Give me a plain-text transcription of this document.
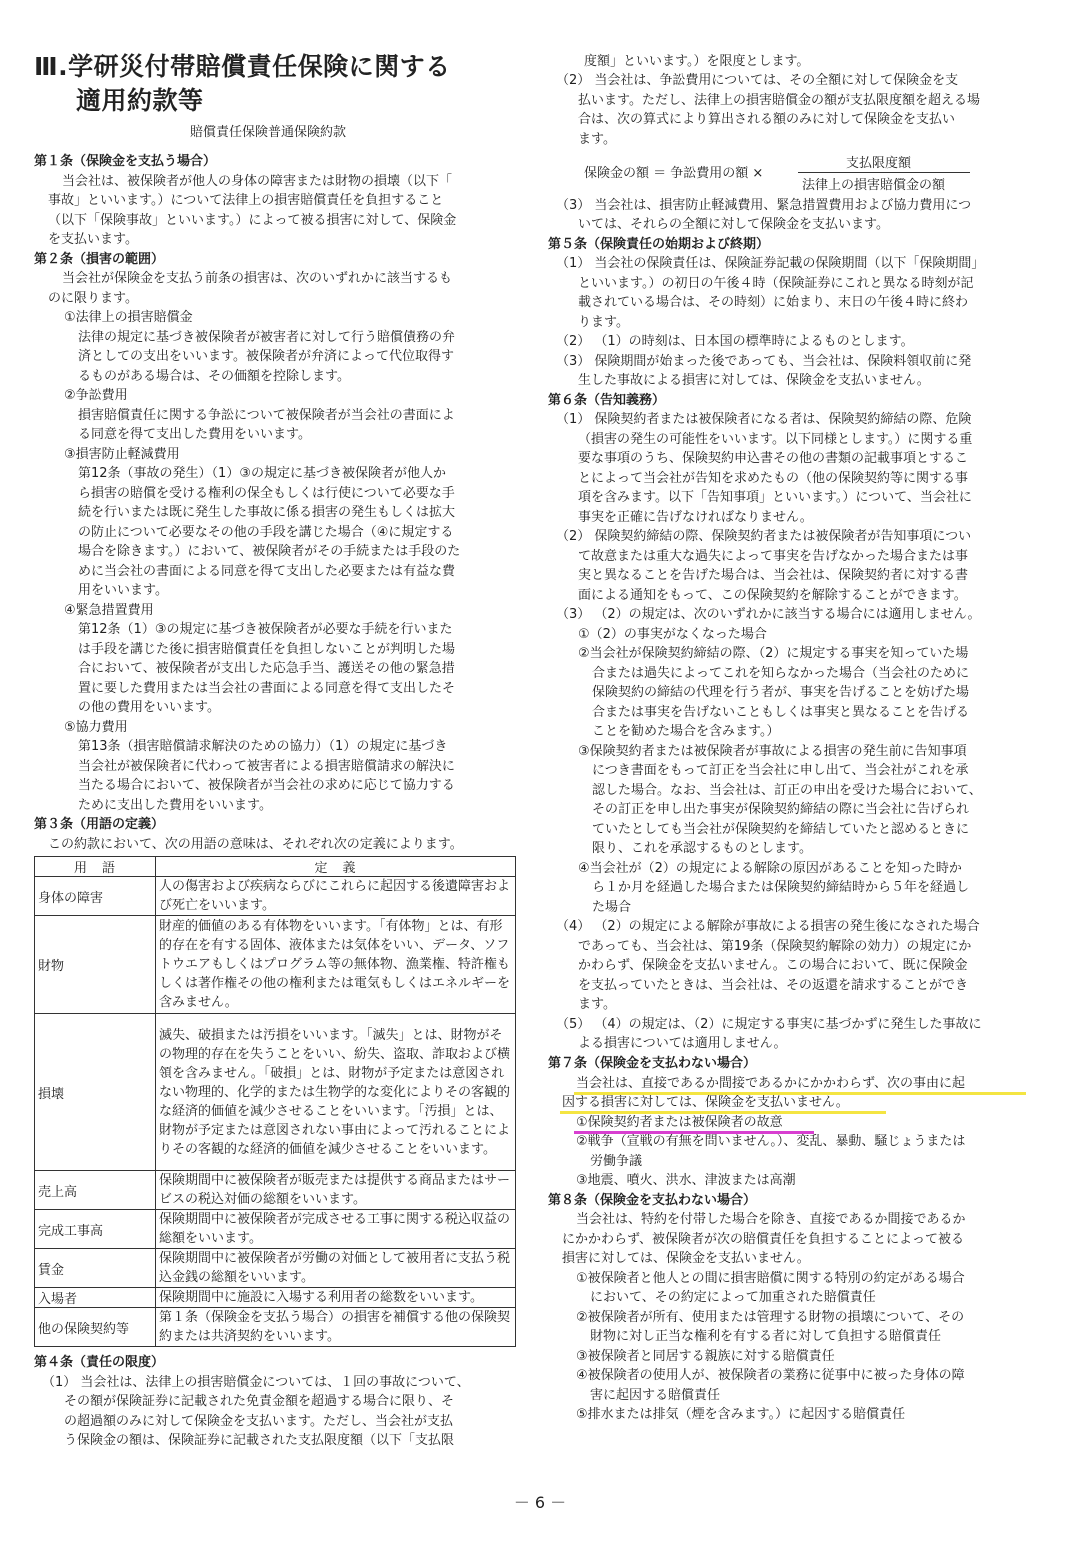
Ⅲ.学研災付帯賠償責任保険に関する
適用約款等
賠償責任保険普通保険約款
第１条（保険金を支払う場合）
当会社は、被保険者が他人の身体の障害または財物の損壊（以下「
事故」といいます。）について法律上の損害賠償責任を負担すること
（以下「保険事故」といいます。）によって被る損害に対して、保険金
を支払います。
第２条（損害の範囲）
当会社が保険金を支払う前条の損害は、次のいずれかに該当するも
のに限ります。
①法律上の損害賠償金
法律の規定に基づき被保険者が被害者に対して行う賠償債務の弁
済としての支出をいいます。被保険者が弁済によって代位取得す
るものがある場合は、その価額を控除します。
②争訟費用
損害賠償責任に関する争訟について被保険者が当会社の書面によ
る同意を得て支出した費用をいいます。
③損害防止軽減費用
第12条（事故の発生）（1）③の規定に基づき被保険者が他人か
ら損害の賠償を受ける権利の保全もしくは行使について必要な手
続を行いまたは既に発生した事故に係る損害の発生もしくは拡大
の防止について必要なその他の手段を講じた場合（④に規定する
場合を除きます。）において、被保険者がその手続または手段のた
めに当会社の書面による同意を得て支出した必要または有益な費
用をいいます。
④緊急措置費用
第12条（1）③の規定に基づき被保険者が必要な手続を行いまた
は手段を講じた後に損害賠償責任を負担しないことが判明した場
合において、被保険者が支出した応急手当、護送その他の緊急措
置に要した費用または当会社の書面による同意を得て支出したそ
の他の費用をいいます。
⑤協力費用
第13条（損害賠償請求解決のための協力）（1）の規定に基づき
当会社が被保険者に代わって被害者による損害賠償請求の解決に
当たる場合において、被保険者が当会社の求めに応じて協力する
ために支出した費用をいいます。
第３条（用語の定義）
この約款において、次の用語の意味は、それぞれ次の定義によります。
第４条（責任の限度）
（1） 当会社は、法律上の損害賠償金については、１回の事故について、
その額が保険証券に記載された免責金額を超過する場合に限り、そ
の超過額のみに対して保険金を支払います。ただし、当会社が支払
う保険金の額は、保険証券に記載された支払限度額（以下「支払限
用　語	定　義
身体の障害	人の傷害および疾病ならびにこれらに起因する後遺障害および死亡をいいます。
財物	財産的価値のある有体物をいいます。「有体物」とは、有形的存在を有する固体、液体または気体をいい、データ、ソフトウエアもしくはプログラム等の無体物、漁業権、特許権もしくは著作権その他の権利または電気もしくはエネルギーを含みません。
損壊	滅失、破損または汚損をいいます。「滅失」とは、財物がその物理的存在を失うことをいい、紛失、盗取、詐取および横領を含みません。「破損」とは、財物が予定または意図されない物理的、化学的または生物学的な変化によりその客観的な経済的価値を減少させることをいいます。「汚損」とは、財物が予定または意図されない事由によって汚れることによりその客観的な経済的価値を減少させることをいいます。
売上高	保険期間中に被保険者が販売または提供する商品またはサービスの税込対価の総額をいいます。
完成工事高	保険期間中に被保険者が完成させる工事に関する税込収益の総額をいいます。
賃金	保険期間中に被保険者が労働の対価として被用者に支払う税込金銭の総額をいいます。
入場者	保険期間中に施設に入場する利用者の総数をいいます。
他の保険契約等	第１条（保険金を支払う場合）の損害を補償する他の保険契約または共済契約をいいます。
度額」といいます。）を限度とします。
（2） 当会社は、争訟費用については、その全額に対して保険金を支
払います。ただし、法律上の損害賠償金の額が支払限度額を超える場
合は、次の算式により算出される額のみに対して保険金を支払い
ます。
（3） 当会社は、損害防止軽減費用、緊急措置費用および協力費用につ
いては、それらの全額に対して保険金を支払います。
第５条（保険責任の始期および終期）
（1） 当会社の保険責任は、保険証券記載の保険期間（以下「保険期間」
といいます。）の初日の午後４時（保険証券にこれと異なる時刻が記
載されている場合は、その時刻）に始まり、末日の午後４時に終わ
ります。
（2） （1）の時刻は、日本国の標準時によるものとします。
（3） 保険期間が始まった後であっても、当会社は、保険料領収前に発
生した事故による損害に対しては、保険金を支払いません。
第６条（告知義務）
（1） 保険契約者または被保険者になる者は、保険契約締結の際、危険
（損害の発生の可能性をいいます。以下同様とします。）に関する重
要な事項のうち、保険契約申込書その他の書類の記載事項とするこ
とによって当会社が告知を求めたもの（他の保険契約等に関する事
項を含みます。以下「告知事項」といいます。）について、当会社に
事実を正確に告げなければなりません。
（2） 保険契約締結の際、保険契約者または被保険者が告知事項につい
て故意または重大な過失によって事実を告げなかった場合または事
実と異なることを告げた場合は、当会社は、保険契約者に対する書
面による通知をもって、この保険契約を解除することができます。
（3） （2）の規定は、次のいずれかに該当する場合には適用しません。
①（2）の事実がなくなった場合
②当会社が保険契約締結の際、（2）に規定する事実を知っていた場
合または過失によってこれを知らなかった場合（当会社のために
保険契約の締結の代理を行う者が、事実を告げることを妨げた場
合または事実を告げないこともしくは事実と異なることを告げる
ことを勧めた場合を含みます。）
③保険契約者または被保険者が事故による損害の発生前に告知事項
につき書面をもって訂正を当会社に申し出て、当会社がこれを承
認した場合。なお、当会社は、訂正の申出を受けた場合において、
その訂正を申し出た事実が保険契約締結の際に当会社に告げられ
ていたとしても当会社が保険契約を締結していたと認めるときに
限り、これを承認するものとします。
④当会社が（2）の規定による解除の原因があることを知った時か
ら１か月を経過した場合または保険契約締結時から５年を経過し
た場合
（4） （2）の規定による解除が事故による損害の発生後になされた場合
であっても、当会社は、第19条（保険契約解除の効力）の規定にか
かわらず、保険金を支払いません。この場合において、既に保険金
を支払っていたときは、当会社は、その返還を請求することができ
ます。
（5） （4）の規定は、（2）に規定する事実に基づかずに発生した事故に
よる損害については適用しません。
第７条（保険金を支払わない場合）
当会社は、直接であるか間接であるかにかかわらず、次の事由に起
因する損害に対しては、保険金を支払いません。
①保険契約者または被保険者の故意
②戦争（宣戦の有無を問いません。）、変乱、暴動、騒じょうまたは
労働争議
③地震、噴火、洪水、津波または高潮
第８条（保険金を支払わない場合）
当会社は、特約を付帯した場合を除き、直接であるか間接であるか
にかかわらず、被保険者が次の賠償責任を負担することによって被る
損害に対しては、保険金を支払いません。
①被保険者と他人との間に損害賠償に関する特別の約定がある場合
において、その約定によって加重された賠償責任
②被保険者が所有、使用または管理する財物の損壊について、その
財物に対し正当な権利を有する者に対して負担する賠償責任
③被保険者と同居する親族に対する賠償責任
④被保険者の使用人が、被保険者の業務に従事中に被った身体の障
害に起因する賠償責任
⑤排水または排気（煙を含みます。）に起因する賠償責任
保険金の額 ＝ 争訟費用の額 ×
支払限度額
法律上の損害賠償金の額
－ 6 －
